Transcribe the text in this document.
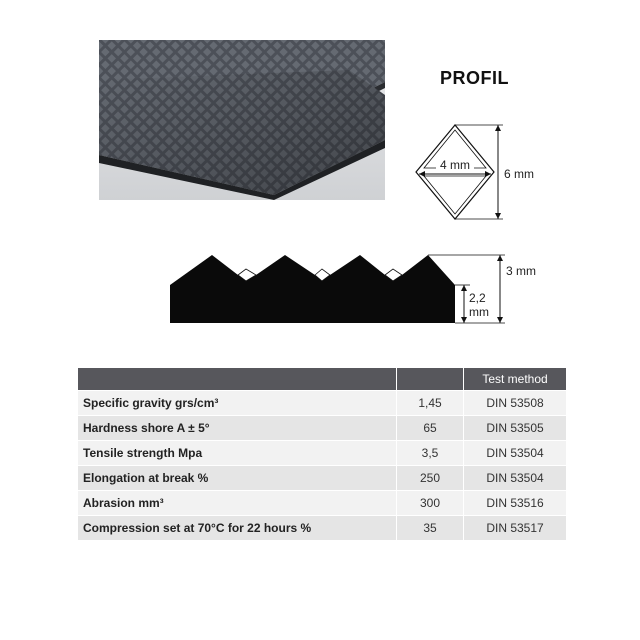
PROFIL
4 mm
6 mm
3 mm
2,2
mm
		Test method
Specific gravity grs/cm³	1,45	DIN 53508
Hardness shore A ± 5°	65	DIN 53505
Tensile strength Mpa	3,5	DIN 53504
Elongation at break %	250	DIN 53504
Abrasion mm³	300	DIN 53516
Compression set at 70°C for 22 hours %	35	DIN 53517
